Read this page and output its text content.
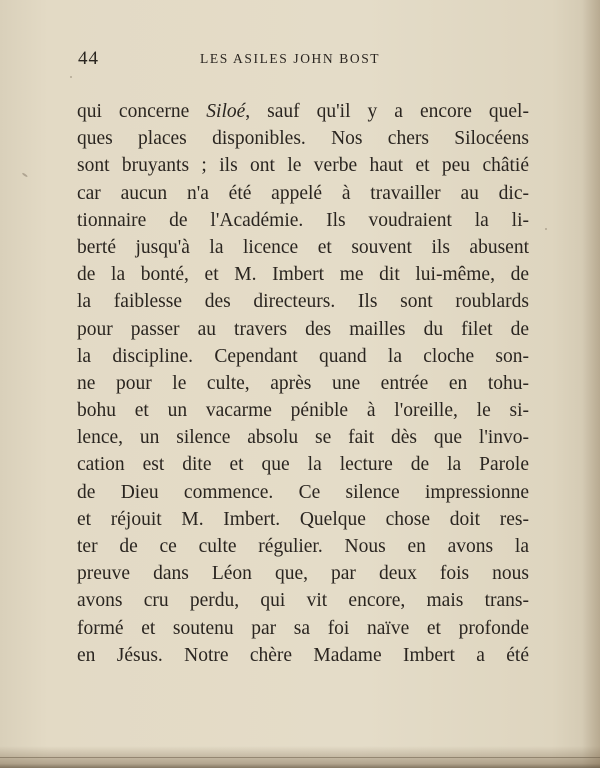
44	LES ASILES JOHN BOST
qui concerne Siloé, sauf qu'il y a encore quel-
ques places disponibles. Nos chers Silocéens
sont bruyants ; ils ont le verbe haut et peu châtié
car aucun n'a été appelé à travailler au dic-
tionnaire de l'Académie. Ils voudraient la li-
berté jusqu'à la licence et souvent ils abusent
de la bonté, et M. Imbert me dit lui-même, de
la faiblesse des directeurs. Ils sont roublards
pour passer au travers des mailles du filet de
la discipline. Cependant quand la cloche son-
ne pour le culte, après une entrée en tohu-
bohu et un vacarme pénible à l'oreille, le si-
lence, un silence absolu se fait dès que l'invo-
cation est dite et que la lecture de la Parole
de Dieu commence. Ce silence impressionne
et réjouit M. Imbert. Quelque chose doit res-
ter de ce culte régulier. Nous en avons la
preuve dans Léon que, par deux fois nous
avons cru perdu, qui vit encore, mais trans-
formé et soutenu par sa foi naïve et profonde
en Jésus. Notre chère Madame Imbert a été
